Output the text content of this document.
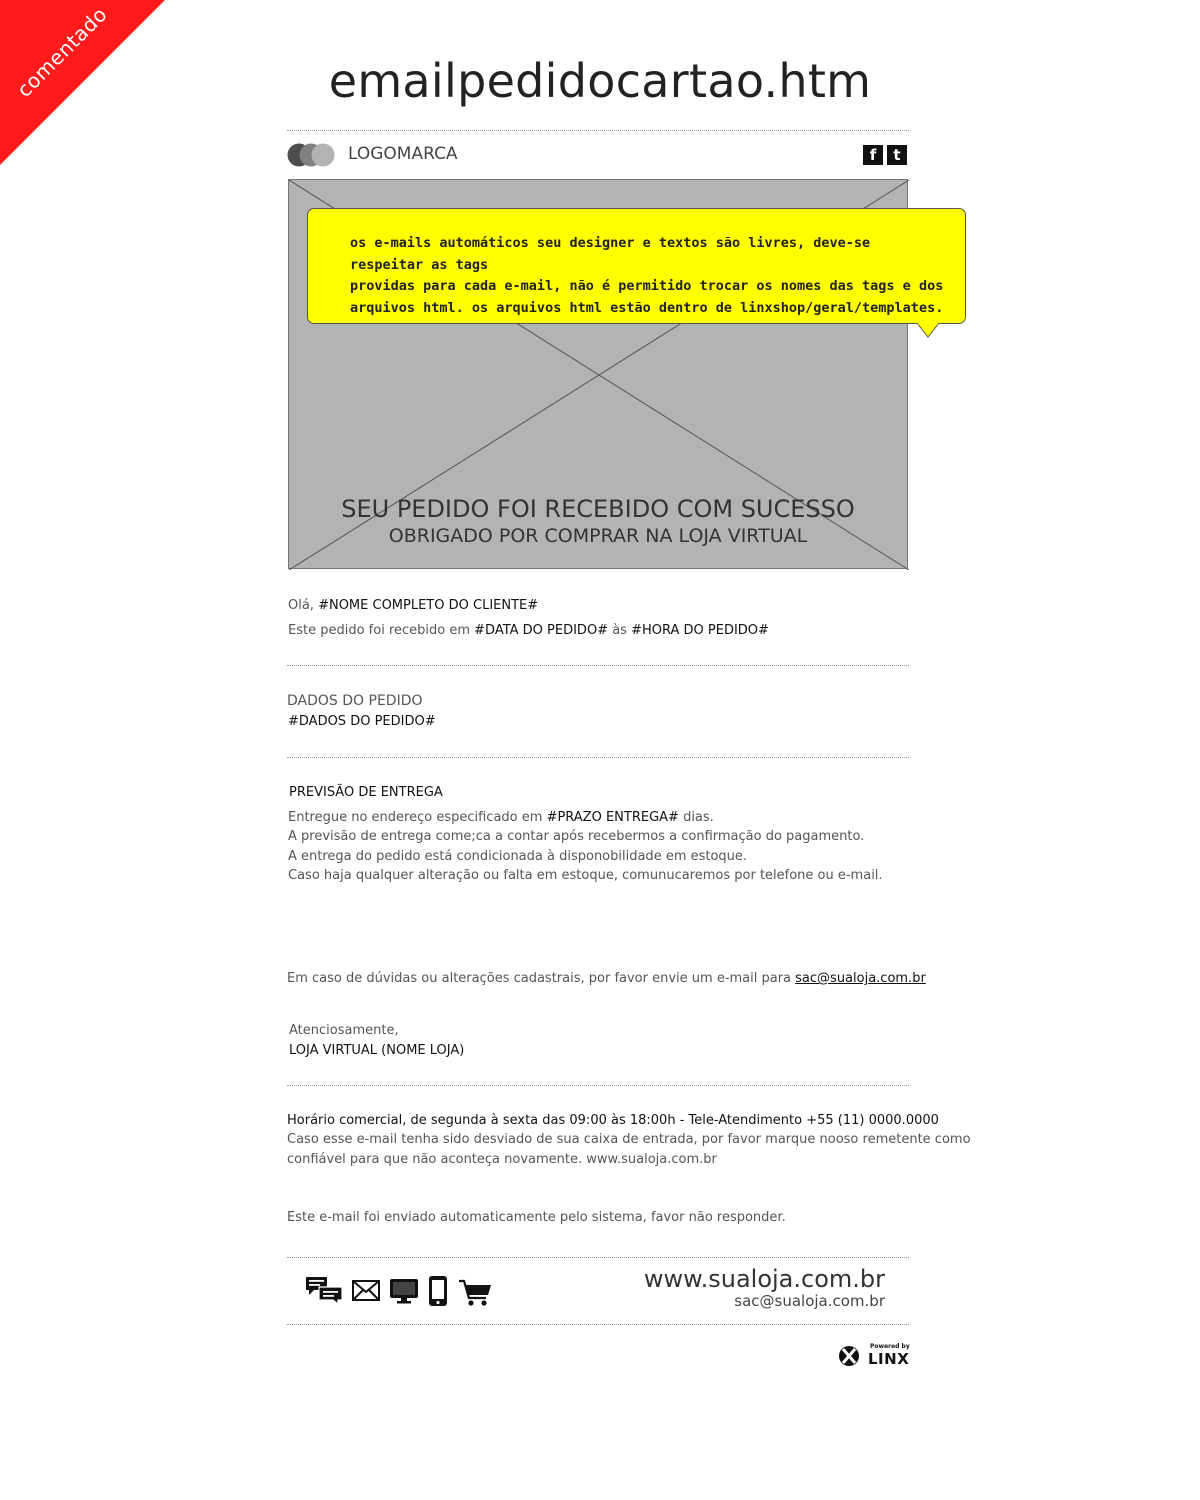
comentado	emailpedidocartao.htm
LOGOMARCA	f	t
SEU PEDIDO FOI RECEBIDO COM SUCESSO
OBRIGADO POR COMPRAR NA LOJA VIRTUAL
os e-mails automáticos seu designer e textos são livres, deve-se respeitar as tags
providas para cada e-mail, não é permitido trocar os nomes das tags e dos
arquivos html. os arquivos html estão dentro de linxshop/geral/templates.
Olá, #NOME COMPLETO DO CLIENTE#
Este pedido foi recebido em #DATA DO PEDIDO# às #HORA DO PEDIDO#
DADOS DO PEDIDO
#DADOS DO PEDIDO#
PREVISÃO DE ENTREGA
Entregue no endereço especificado em #PRAZO ENTREGA# dias.
A previsão de entrega come;ca a contar após recebermos a confirmação do pagamento.
A entrega do pedido está condicionada à disponobilidade em estoque.
Caso haja qualquer alteração ou falta em estoque, comunucaremos por telefone ou e-mail.
Em caso de dúvidas ou alterações cadastrais, por favor envie um e-mail para sac@sualoja.com.br
Atenciosamente,
LOJA VIRTUAL (NOME LOJA)
Horário comercial, de segunda à sexta das 09:00 às 18:00h - Tele-Atendimento +55 (11) 0000.0000
Caso esse e-mail tenha sido desviado de sua caixa de entrada, por favor marque nooso remetente como
confiável para que não aconteça novamente. www.sualoja.com.br
Este e-mail foi enviado automaticamente pelo sistema, favor não responder.
www.sualoja.com.br
sac@sualoja.com.br
Powered by
LINX
